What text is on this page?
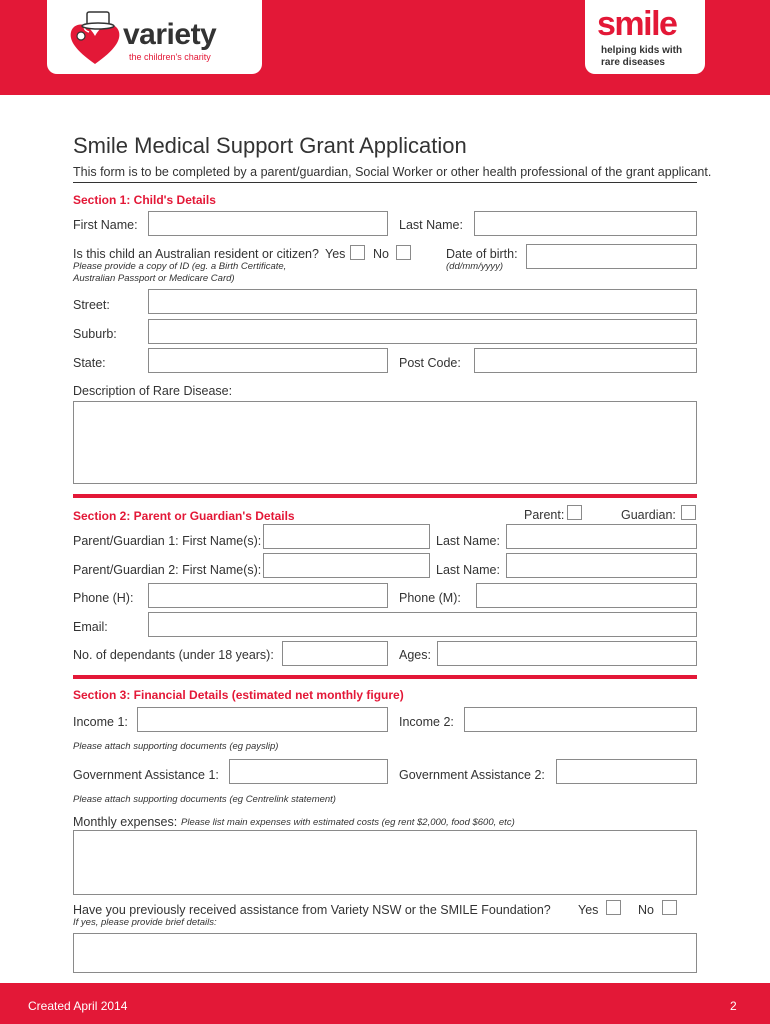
variety
the children's charity
smile
helping kids with
rare diseases
Smile Medical Support Grant Application
This form is to be completed by a parent/guardian, Social Worker or other health professional of the grant applicant.
Section 1: Child's Details
First Name:	Last Name:
Is this child an Australian resident or citizen? Yes No
Please provide a copy of ID (eg. a Birth Certificate,
Australian Passport or Medicare Card)
Date of birth:
(dd/mm/yyyy)
Street:
Suburb:
State:	Post Code:
Description of Rare Disease:
Section 2: Parent or Guardian's Details	Parent:	Guardian:
Parent/Guardian 1: First Name(s):	Last Name:
Parent/Guardian 2: First Name(s):	Last Name:
Phone (H):	Phone (M):
Email:
No. of dependants (under 18 years):	Ages:
Section 3: Financial Details (estimated net monthly figure)
Income 1:	Income 2:
Please attach supporting documents (eg payslip)
Government Assistance 1:	Government Assistance 2:
Please attach supporting documents (eg Centrelink statement)
Monthly expenses: Please list main expenses with estimated costs (eg rent $2,000, food $600, etc)
Have you previously received assistance from Variety NSW or the SMILE Foundation?
If yes, please provide brief details:
Yes	No
Created April 2014	2
